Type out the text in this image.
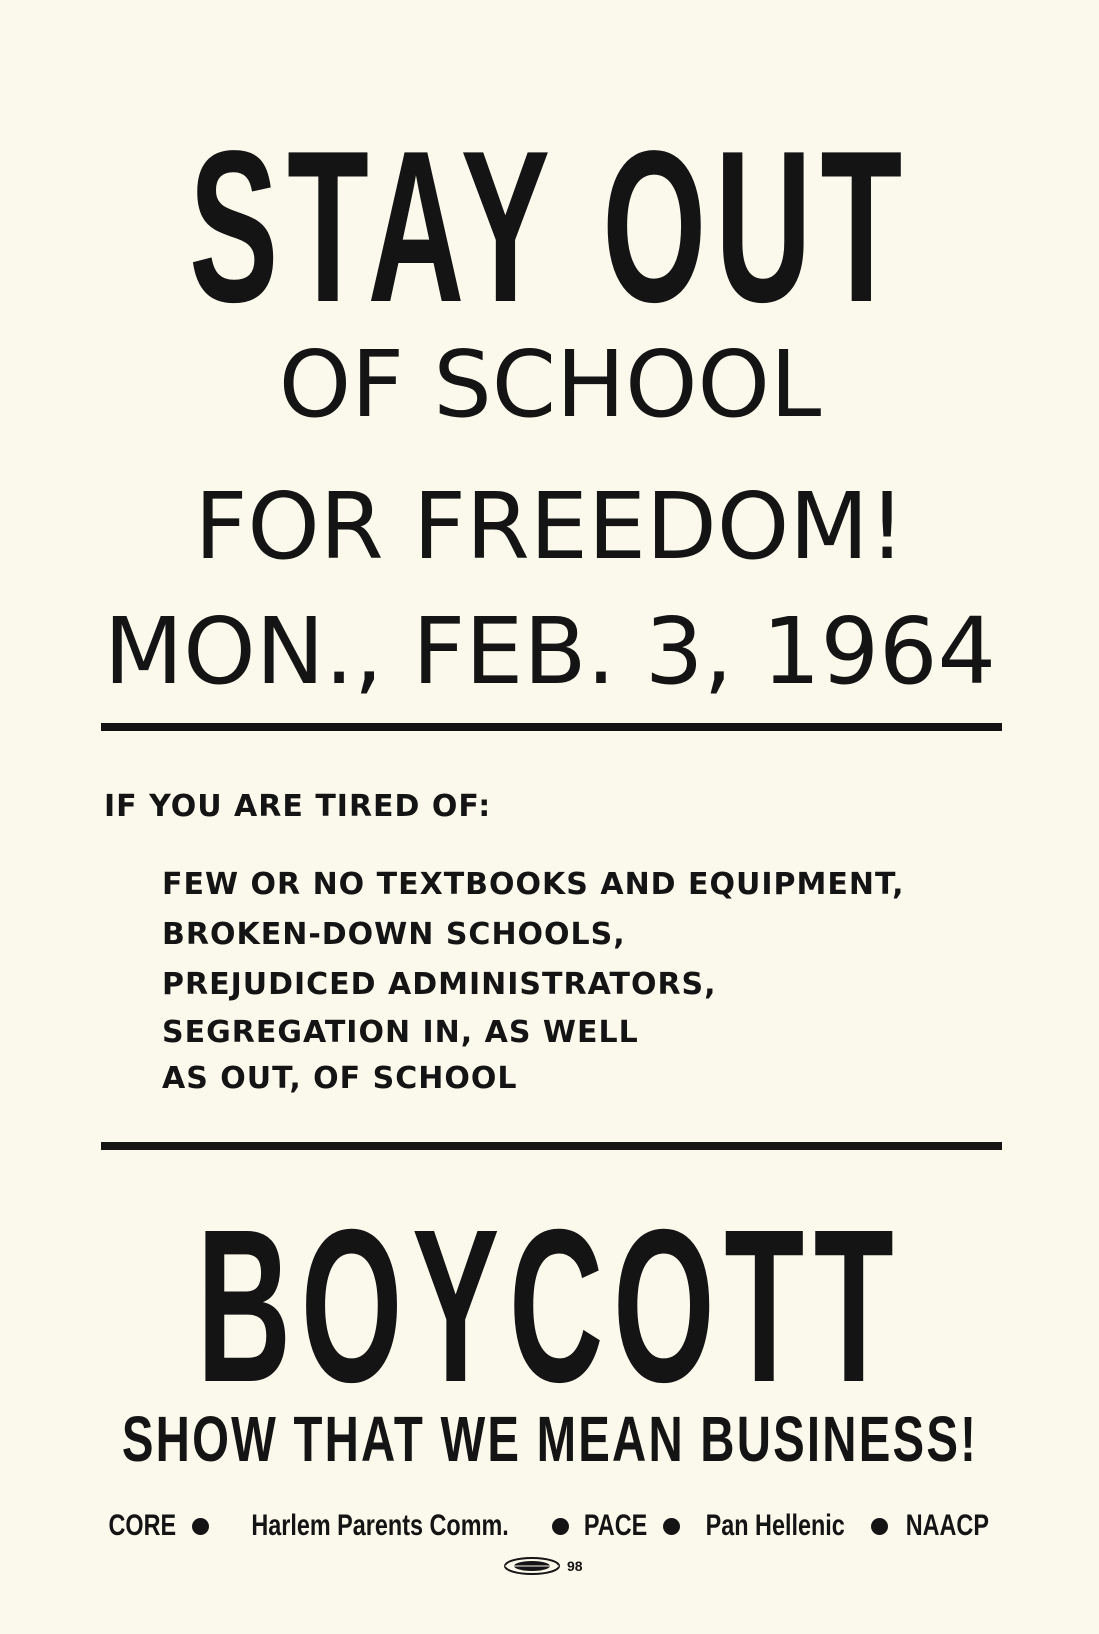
STAY OUT
OF SCHOOL
FOR FREEDOM!
MON., FEB. 3, 1964
IF YOU ARE TIRED OF:
FEW OR NO TEXTBOOKS AND EQUIPMENT,
BROKEN-DOWN SCHOOLS,
PREJUDICED ADMINISTRATORS,
SEGREGATION IN, AS WELL
AS OUT, OF SCHOOL
BOYCOTT
SHOW THAT WE MEAN BUSINESS!
CORE	Harlem Parents Comm. PACE Pan Hellenic NAACP
98
